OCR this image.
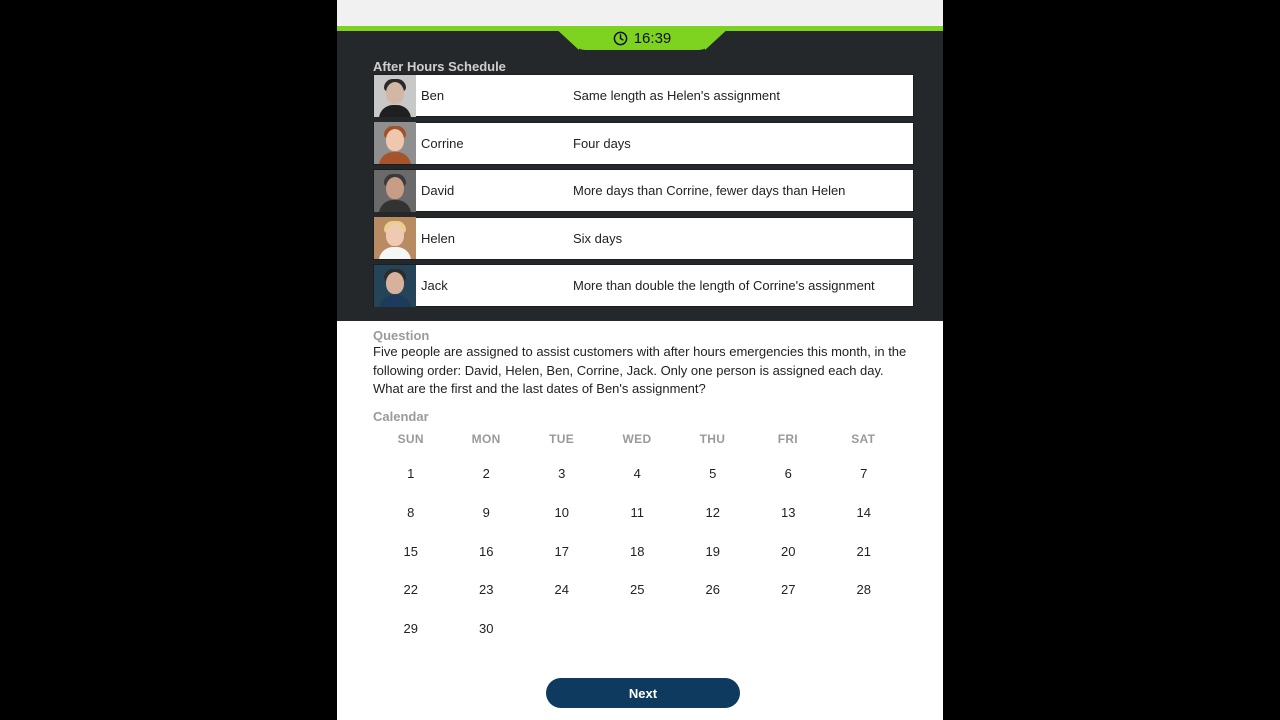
16:39
After Hours Schedule
Ben	Same length as Helen's assignment
Corrine	Four days
David	More days than Corrine, fewer days than Helen
Helen	Six days
Jack	More than double the length of Corrine's assignment
Question
Five people are assigned to assist customers with after hours emergencies this month, in the following order: David, Helen, Ben, Corrine, Jack. Only one person is assigned each day. What are the first and the last dates of Ben's assignment?
Calendar
SUN	MON	TUE	WED	THU	FRI	SAT
1	2	3	4	5	6	7
8	9	10	11	12	13	14
15	16	17	18	19	20	21
22	23	24	25	26	27	28
29	30
Next
